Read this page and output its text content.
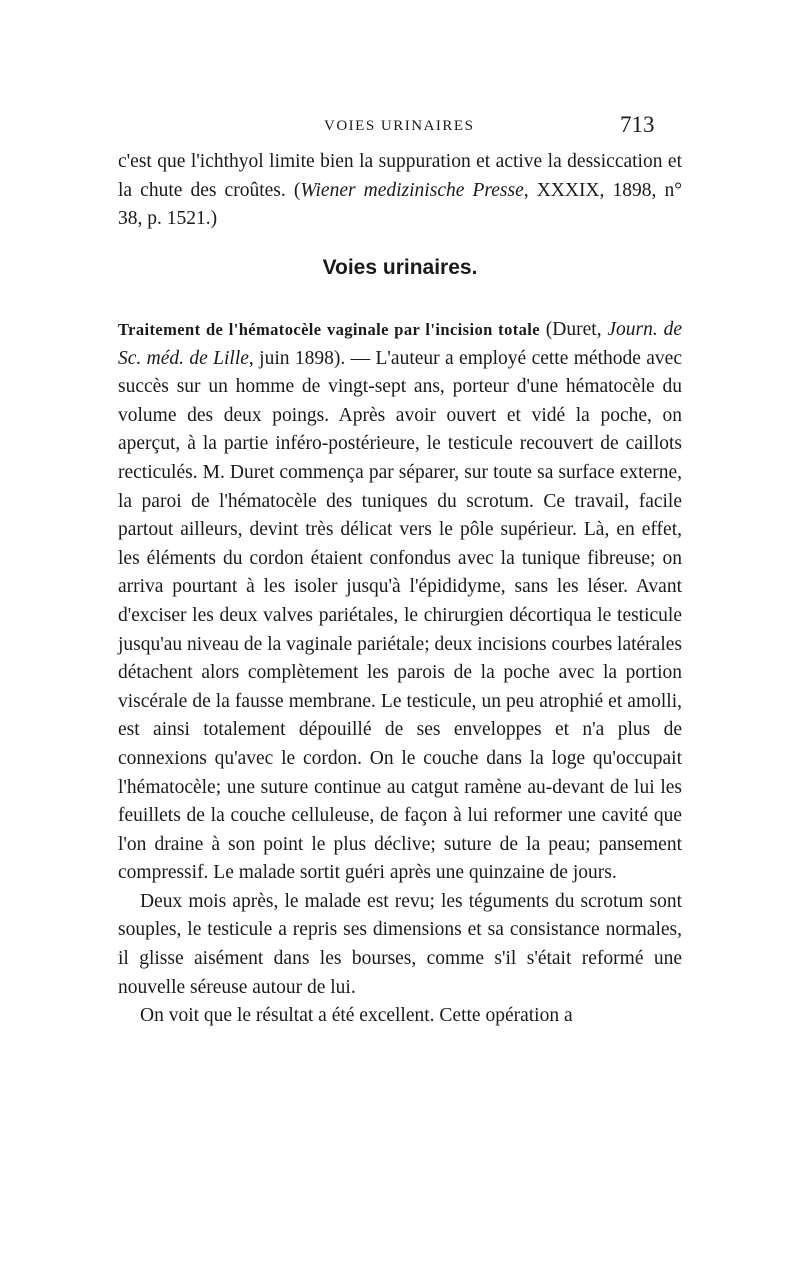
VOIES URINAIRES	713

c'est que l'ichthyol limite bien la suppuration et active la dessiccation et la chute des croûtes. (Wiener medizinische Presse, XXXIX, 1898, n° 38, p. 1521.)

Voies urinaires.

Traitement de l'hématocèle vaginale par l'incision totale (Duret, Journ. de Sc. méd. de Lille, juin 1898). — L'auteur a employé cette méthode avec succès sur un homme de vingt-sept ans, porteur d'une hématocèle du volume des deux poings. Après avoir ouvert et vidé la poche, on aperçut, à la partie inféro-postérieure, le testicule recouvert de caillots recticulés. M. Duret commença par séparer, sur toute sa surface externe, la paroi de l'hématocèle des tuniques du scrotum. Ce travail, facile partout ailleurs, devint très délicat vers le pôle supérieur. Là, en effet, les éléments du cordon étaient confondus avec la tunique fibreuse; on arriva pourtant à les isoler jusqu'à l'épididyme, sans les léser. Avant d'exciser les deux valves pariétales, le chirurgien décortiqua le testicule jusqu'au niveau de la vaginale pariétale; deux incisions courbes latérales détachent alors complètement les parois de la poche avec la portion viscérale de la fausse membrane. Le testicule, un peu atrophié et amolli, est ainsi totalement dépouillé de ses enveloppes et n'a plus de connexions qu'avec le cordon. On le couche dans la loge qu'occupait l'hématocèle; une suture continue au catgut ramène au-devant de lui les feuillets de la couche celluleuse, de façon à lui reformer une cavité que l'on draine à son point le plus déclive; suture de la peau; pansement compressif. Le malade sortit guéri après une quinzaine de jours.

Deux mois après, le malade est revu; les téguments du scrotum sont souples, le testicule a repris ses dimensions et sa consistance normales, il glisse aisément dans les bourses, comme s'il s'était reformé une nouvelle séreuse autour de lui.

On voit que le résultat a été excellent. Cette opération a
